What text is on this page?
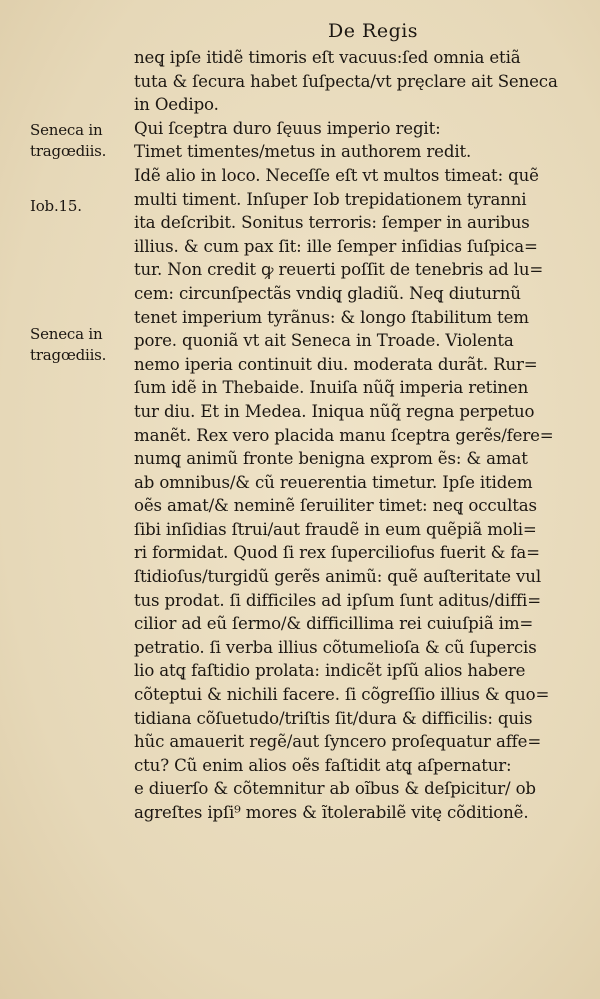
De Regis
Seneca in
tragœdiis.
Iob.15.
Seneca in
tragœdiis.
neq̨ ipſe itidẽ timoris eſt vacuus:ſed omnia etiã
tuta & ſecura habet ſuſpecta/vt pręclare ait Seneca
in Oedipo.
Qui ſceptra duro ſęuus imperio regit:
Timet timentes/metus in authorem redit.
Idẽ alio in loco. Neceſſe eſt vt multos timeat: quẽ
multi timent. Inſuper Iob trepidationem tyranni
ita deſcribit. Sonitus terroris: ſemper in auribus
illius. & cum pax ſit: ille ſemper inſidias ſuſpica=
tur. Non credit ꝙ reuerti poſſit de tenebris ad lu=
cem: circunſpectãs vndiq̨ gladiũ. Neq̨ diuturnũ
tenet imperium tyrãnus: & longo ſtabilitum tem
pore. quoniã vt ait Seneca in Troade. Violenta
nemo iperia continuit diu. moderata durãt. Rur=
ſum idẽ in Thebaide. Inuiſa nũq̃ imperia retinen
tur diu. Et in Medea. Iniqua nũq̃ regna perpetuo
manẽt. Rex vero placida manu ſceptra gerẽs/fere=
numq̨ animũ fronte benigna exprom ẽs: & amat
ab omnibus/& cũ reuerentia timetur. Ipſe itidem
oẽs amat/& neminẽ ſeruiliter timet: neq̨ occultas
ſibi inſidias ſtrui/aut fraudẽ in eum quẽpiã moli=
ri formidat. Quod ſi rex ſuperciliofus fuerit & fa=
ſtidioſus/turgidũ gerẽs animũ: quẽ auſteritate vul
tus prodat. ſi difficiles ad ipſum ſunt aditus/diffi=
cilior ad eũ ſermo/& difficillima rei cuiuſpiã im=
petratio. ſi verba illius cõtumelioſa & cũ ſupercis
lio atq̨ faſtidio prolata: indicẽt ipſũ alios habere
cõteptui & nichili facere. ſi cõgreſſio illius & quo=
tidiana cõſuetudo/triſtis ſit/dura & difficilis: quis
hũc amauerit regẽ/aut ſyncero proſequatur affe=
ctu? Cũ enim alios oẽs faſtidit atq̨ aſpernatur:
e diuerſo & cõtemnitur ab oĩbus & deſpicitur/ ob
agreſtes ipſi⁹ mores & ĩtolerabilẽ vitę cõditionẽ.
